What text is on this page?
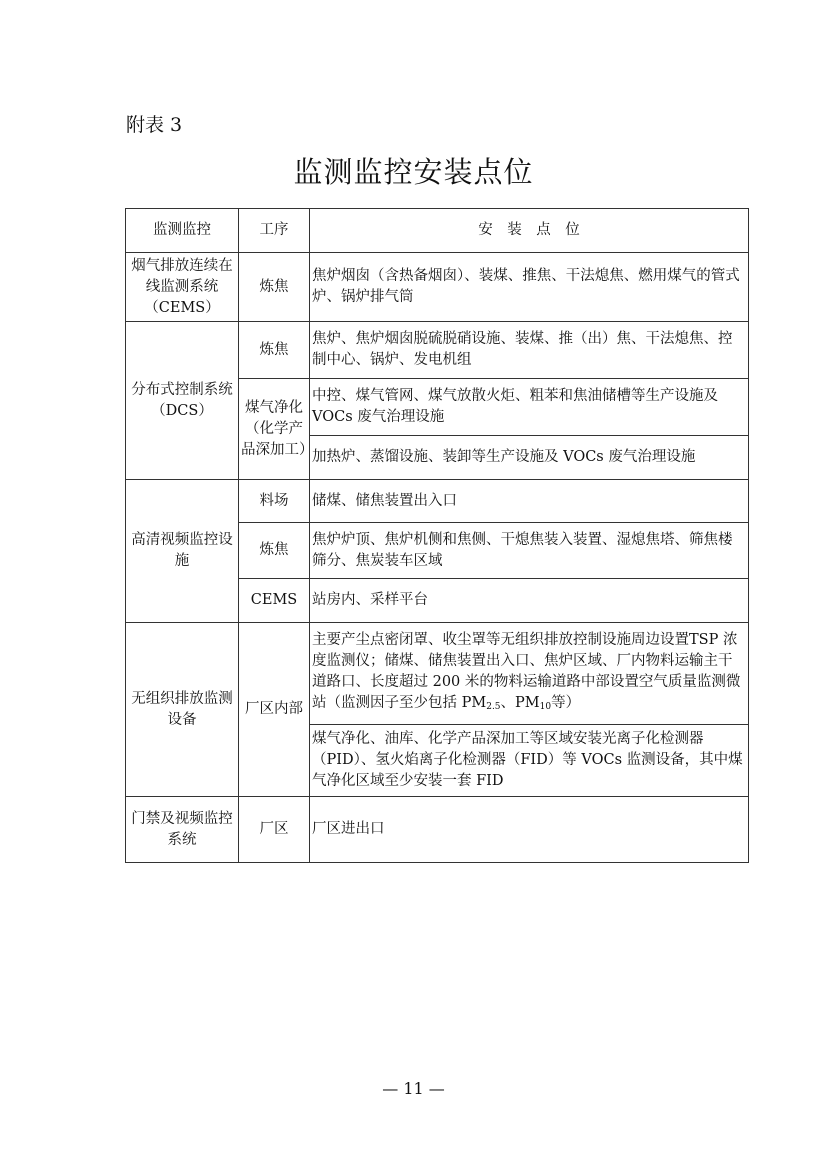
附表 3
监测监控安装点位
监测监控	工序	安　装　点　位
烟气排放连续在线监测系统（CEMS）	炼焦	焦炉烟囱（含热备烟囱）、装煤、推焦、干法熄焦、燃用煤气的管式炉、锅炉排气筒
分布式控制系统（DCS）	炼焦	焦炉、焦炉烟囱脱硫脱硝设施、装煤、推（出）焦、干法熄焦、控制中心、锅炉、发电机组
	煤气净化（化学产品深加工）	中控、煤气管网、煤气放散火炬、粗苯和焦油储槽等生产设施及 VOCs 废气治理设施
		加热炉、蒸馏设施、装卸等生产设施及 VOCs 废气治理设施
高清视频监控设施	料场	储煤、储焦装置出入口
	炼焦	焦炉炉顶、焦炉机侧和焦侧、干熄焦装入装置、湿熄焦塔、筛焦楼筛分、焦炭装车区域
	CEMS	站房内、采样平台
无组织排放监测设备	厂区内部	主要产尘点密闭罩、收尘罩等无组织排放控制设施周边设置TSP 浓度监测仪；储煤、储焦装置出入口、焦炉区域、厂内物料运输主干道路口、长度超过 200 米的物料运输道路中部设置空气质量监测微站（监测因子至少包括 $PM_{2.5}$、$PM_{10}$等）
		煤气净化、油库、化学产品深加工等区域安装光离子化检测器（PID）、氢火焰离子化检测器（FID）等 VOCs 监测设备，其中煤气净化区域至少安装一套 FID
门禁及视频监控系统	厂区	厂区进出口
— 11 —
